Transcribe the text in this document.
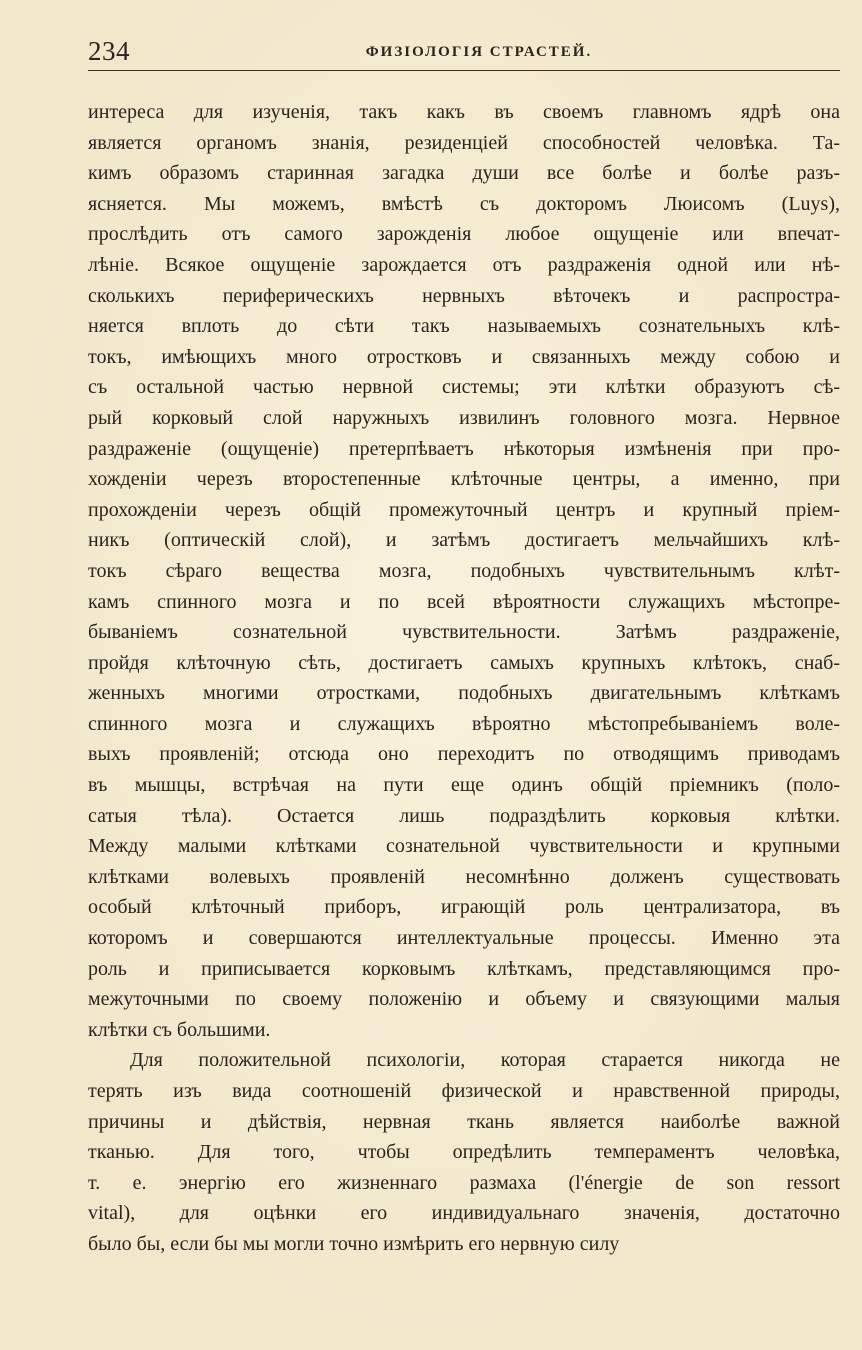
234	ФИЗІОЛОГІЯ СТРАСТЕЙ.
интереса для изученія, такъ какъ въ своемъ главномъ ядрѣ она
является органомъ знанія, резиденціей способностей человѣка. Та-
кимъ образомъ старинная загадка души все болѣе и болѣе разъ-
ясняется. Мы можемъ, вмѣстѣ съ докторомъ Люисомъ (Luys),
прослѣдить отъ самого зарожденія любое ощущеніе или впечат-
лѣніе. Всякое ощущеніе зарождается отъ раздраженія одной или нѣ-
сколькихъ периферическихъ нервныхъ вѣточекъ и распростра-
няется вплоть до сѣти такъ называемыхъ сознательныхъ клѣ-
токъ, имѣющихъ много отростковъ и связанныхъ между собою и
съ остальной частью нервной системы; эти клѣтки образуютъ сѣ-
рый корковый слой наружныхъ извилинъ головного мозга. Нервное
раздраженіе (ощущеніе) претерпѣваетъ нѣкоторыя измѣненія при про-
хожденіи черезъ второстепенные клѣточные центры, а именно, при
прохожденіи черезъ общій промежуточный центръ и крупный пріем-
никъ (оптическій слой), и затѣмъ достигаетъ мельчайшихъ клѣ-
токъ сѣраго вещества мозга, подобныхъ чувствительнымъ клѣт-
камъ спинного мозга и по всей вѣроятности служащихъ мѣстопре-
быванiемъ сознательной чувствительности. Затѣмъ раздраженіе,
пройдя клѣточную сѣть, достигаетъ самыхъ крупныхъ клѣтокъ, снаб-
женныхъ многими отростками, подобныхъ двигательнымъ клѣткамъ
спинного мозга и служащихъ вѣроятно мѣстопребываніемъ воле-
выхъ проявленій; отсюда оно переходитъ по отводящимъ приводамъ
въ мышцы, встрѣчая на пути еще одинъ общій пріемникъ (поло-
сатыя тѣла). Остается лишь подраздѣлить корковыя клѣтки.
Между малыми клѣтками сознательной чувствительности и крупными
клѣтками волевыхъ проявленій несомнѣнно долженъ существовать
особый клѣточный приборъ, играющій роль централизатора, въ
которомъ и совершаются интеллектуальные процессы. Именно эта
роль и приписывается корковымъ клѣткамъ, представляющимся про-
межуточными по своему положенію и объему и связующими малыя
клѣтки съ большими.
Для положительной психологіи, которая старается никогда не
терять изъ вида соотношеній физической и нравственной природы,
причины и дѣйствія, нервная ткань является наиболѣе важной
тканью. Для того, чтобы опредѣлить темпераментъ человѣка,
т. е. энергію его жизненнаго размаха (l'énergie de son ressort
vital), для оцѣнки его индивидуальнаго значенія, достаточно
было бы, если бы мы могли точно измѣрить его нервную силу
